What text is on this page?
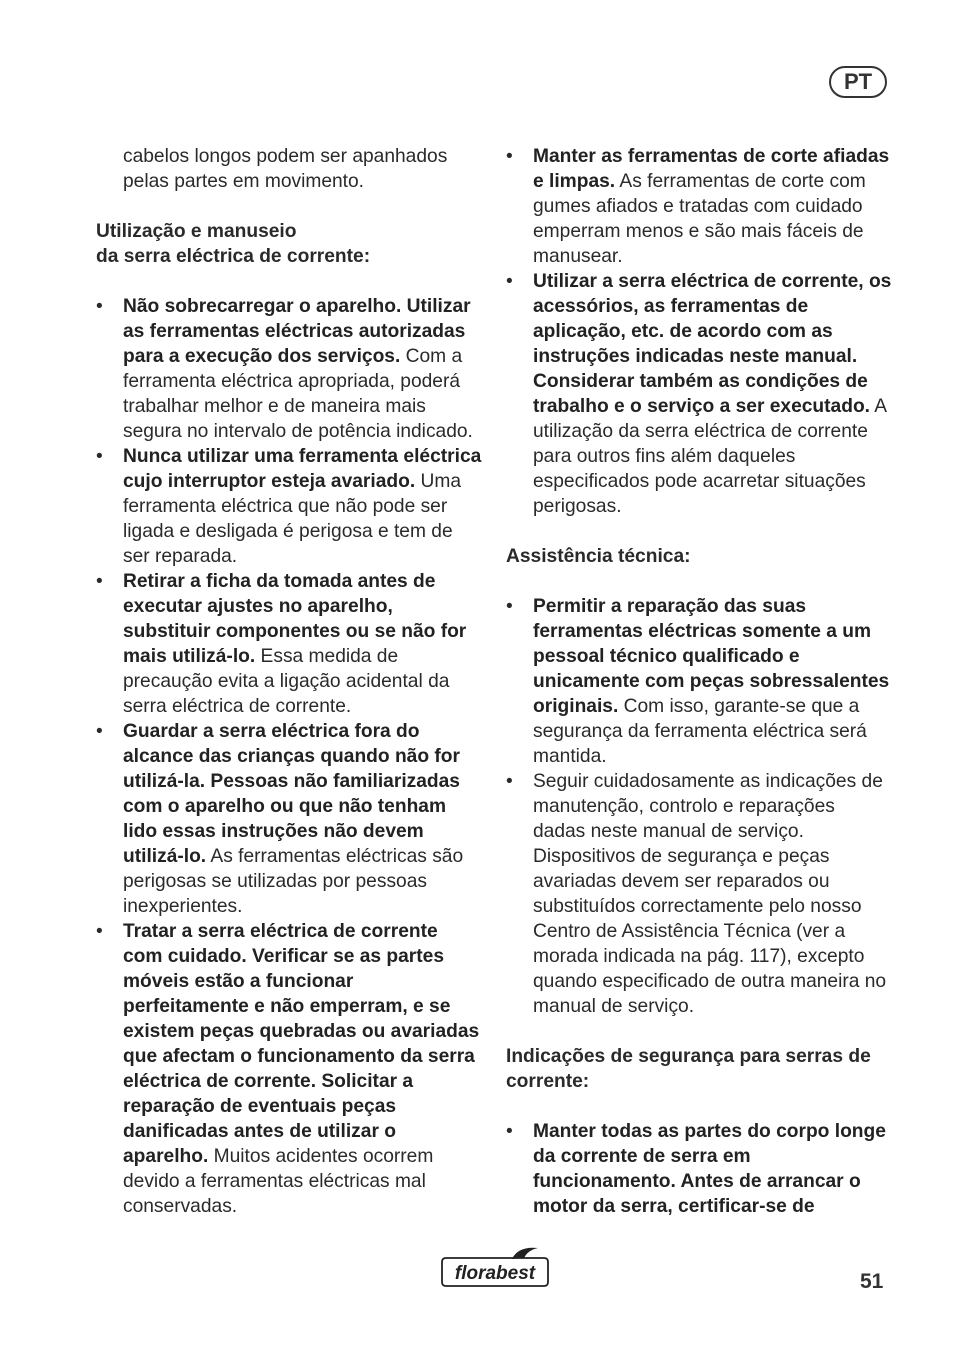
PT

cabelos longos podem ser apanhados pelas partes em movimento.

Utilização e manuseio

da serra eléctrica de corrente:

• Não sobrecarregar o aparelho. Utilizar as ferramentas eléctricas autorizadas para a execução dos serviços. Com a ferramenta eléctrica apropriada, poderá trabalhar melhor e de maneira mais segura no intervalo de potência indicado.

• Nunca utilizar uma ferramenta eléctrica cujo interruptor esteja avariado. Uma ferramenta eléctrica que não pode ser ligada e desligada é perigosa e tem de ser reparada.

• Retirar a ficha da tomada antes de executar ajustes no aparelho, substituir componentes ou se não for mais utilizá-lo. Essa medida de precaução evita a ligação acidental da serra eléctrica de corrente.

• Guardar a serra eléctrica fora do alcance das crianças quando não for utilizá-la. Pessoas não familiarizadas com o aparelho ou que não tenham lido essas instruções não devem utilizá-lo. As ferramentas eléctricas são perigosas se utilizadas por pessoas inexperientes.

• Tratar a serra eléctrica de corrente com cuidado. Verificar se as partes móveis estão a funcionar perfeitamente e não emperram, e se existem peças quebradas ou avariadas que afectam o funcionamento da serra eléctrica de corrente. Solicitar a reparação de eventuais peças danificadas antes de utilizar o aparelho. Muitos acidentes ocorrem devido a ferramentas eléctricas mal conservadas.

• Manter as ferramentas de corte afiadas e limpas. As ferramentas de corte com gumes afiados e tratadas com cuidado emperram menos e são mais fáceis de manusear.

• Utilizar a serra eléctrica de corrente, os acessórios, as ferramentas de aplicação, etc. de acordo com as instruções indicadas neste manual. Considerar também as condições de trabalho e o serviço a ser executado. A utilização da serra eléctrica de corrente para outros fins além daqueles especificados pode acarretar situações perigosas.

Assistência técnica:

• Permitir a reparação das suas ferramentas eléctricas somente a um pessoal técnico qualificado e unicamente com peças sobressalentes originais. Com isso, garante-se que a segurança da ferramenta eléctrica será mantida.

• Seguir cuidadosamente as indicações de manutenção, controlo e reparações dadas neste manual de serviço. Dispositivos de segurança e peças avariadas devem ser reparados ou substituídos correctamente pelo nosso Centro de Assistência Técnica (ver a morada indicada na pág. 117), excepto quando especificado de outra maneira no manual de serviço.

Indicações de segurança para serras de corrente:

• Manter todas as partes do corpo longe da corrente de serra em funcionamento. Antes de arrancar o motor da serra, certificar-se de

florabest	51
